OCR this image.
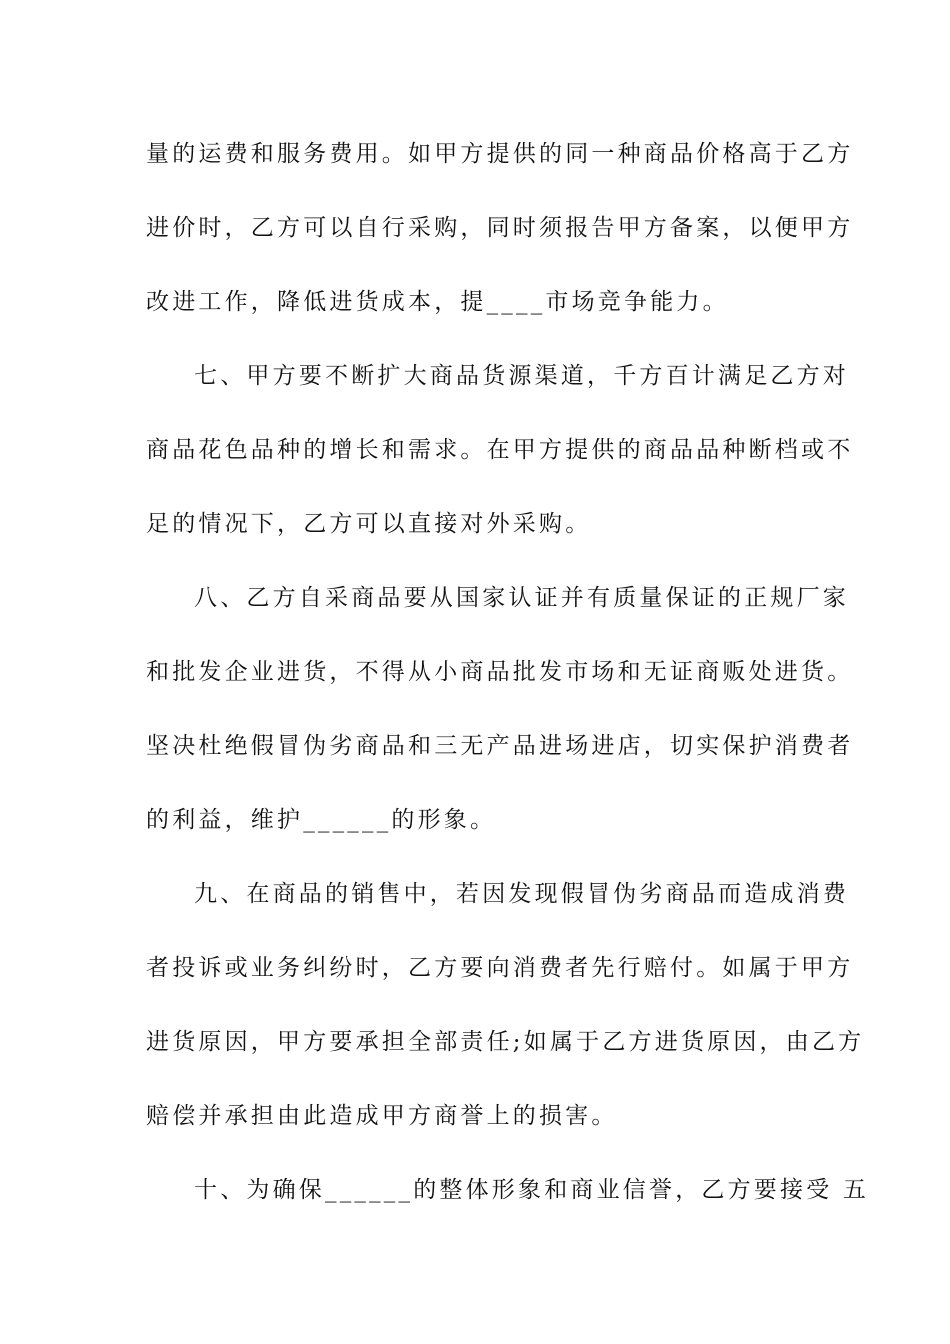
量的运费和服务费用。如甲方提供的同一种商品价格高于乙方
进价时，乙方可以自行采购，同时须报告甲方备案，以便甲方
改进工作，降低进货成本，提____市场竞争能力。
七、甲方要不断扩大商品货源渠道，千方百计满足乙方对
商品花色品种的增长和需求。在甲方提供的商品品种断档或不
足的情况下，乙方可以直接对外采购。
八、乙方自采商品要从国家认证并有质量保证的正规厂家
和批发企业进货，不得从小商品批发市场和无证商贩处进货。
坚决杜绝假冒伪劣商品和三无产品进场进店，切实保护消费者
的利益，维护______的形象。
九、在商品的销售中，若因发现假冒伪劣商品而造成消费
者投诉或业务纠纷时，乙方要向消费者先行赔付。如属于甲方
进货原因，甲方要承担全部责任;如属于乙方进货原因，由乙方
赔偿并承担由此造成甲方商誉上的损害。
十、为确保______的整体形象和商业信誉，乙方要接受 五
